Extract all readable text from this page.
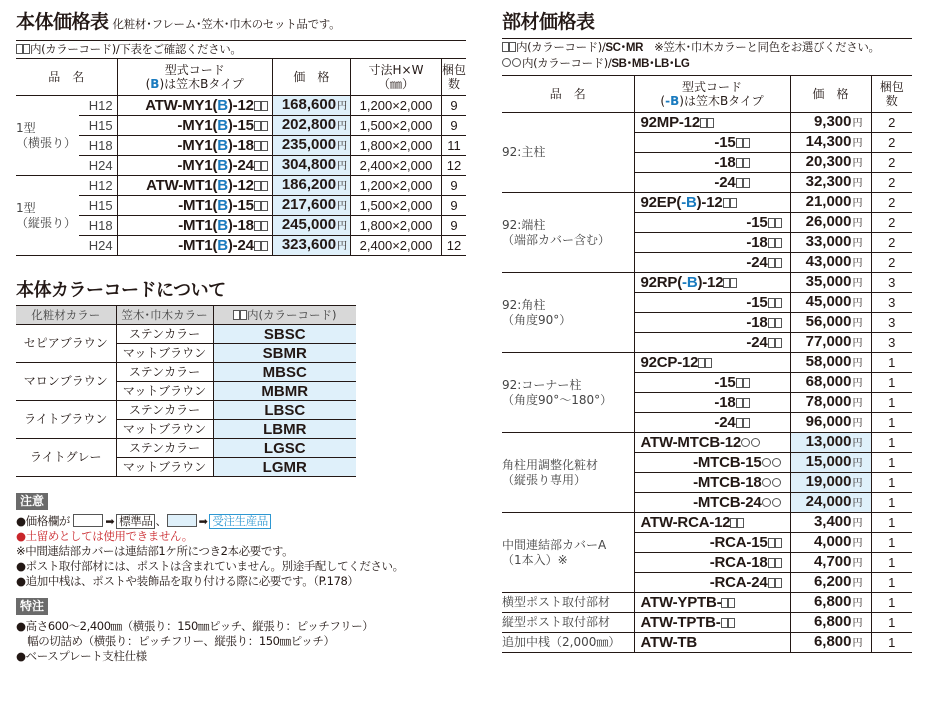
本体価格表 化粧材･フレーム･笠木･巾木のセット品です。
内(カラーコード)/下表をご確認ください。
品　名		型式コード
(B)は笠木Bタイプ	価　格	寸法H×W
（㎜）	梱包
数
1型
（横張り）	H12	ATW-MY1(B)-12	168,600円	1,200×2,000	9
	H15	-MY1(B)-15	202,800円	1,500×2,000	9
	H18	-MY1(B)-18	235,000円	1,800×2,000	11
	H24	-MY1(B)-24	304,800円	2,400×2,000	12
1型
（縦張り）	H12	ATW-MT1(B)-12	186,200円	1,200×2,000	9
	H15	-MT1(B)-15	217,600円	1,500×2,000	9
	H18	-MT1(B)-18	245,000円	1,800×2,000	9
	H24	-MT1(B)-24	323,600円	2,400×2,000	12
本体カラーコードについて
化粧材カラー	笠木･巾木カラー	内(カラーコード)
セピアブラウン	ステンカラー	SBSC
	マットブラウン	SBMR
マロンブラウン	ステンカラー	MBSC
	マットブラウン	MBMR
ライトブラウン	ステンカラー	LBSC
	マットブラウン	LBMR
ライトグレー	ステンカラー	LGSC
	マットブラウン	LGMR
注意
●価格欄が	➡ 標準品 、	➡ 受注生産品
●土留めとしては使用できません。
※中間連結部カバーは連結部1ケ所につき2本必要です。
●ポスト取付部材には、ポストは含まれていません。別途手配してください。
●追加中桟は、ポストや装飾品を取り付ける際に必要です。（P.178）
特注
●高さ600～2,400㎜（横張り：150㎜ピッチ、縦張り：ピッチフリー）
　幅の切詰め（横張り：ピッチフリー、縦張り：150㎜ピッチ）
●ベースプレート支柱仕様
部材価格表
内(カラーコード)/SC･MR　※笠木･巾木カラーと同色をお選びください。
内(カラーコード)/SB･MB･LB･LG
品　名	型式コード
(-B)は笠木Bタイプ	価　格	梱包
数
92:主柱	92MP-12	9,300円	2
	-15	14,300円	2
	-18	20,300円	2
	-24	32,300円	2
92:端柱
（端部カバー含む）	92EP(-B)-12	21,000円	2
	-15	26,000円	2
	-18	33,000円	2
	-24	43,000円	2
92:角柱
（角度90°）	92RP(-B)-12	35,000円	3
	-15	45,000円	3
	-18	56,000円	3
	-24	77,000円	3
92:コーナー柱
（角度90°～180°）	92CP-12	58,000円	1
	-15	68,000円	1
	-18	78,000円	1
	-24	96,000円	1
角柱用調整化粧材
（縦張り専用）	ATW-MTCB-12	13,000円	1
	-MTCB-15	15,000円	1
	-MTCB-18	19,000円	1
	-MTCB-24	24,000円	1
中間連結部カバーA
（1本入）※	ATW-RCA-12	3,400円	1
	-RCA-15	4,000円	1
	-RCA-18	4,700円	1
	-RCA-24	6,200円	1
横型ポスト取付部材	ATW-YPTB-	6,800円	1
縦型ポスト取付部材	ATW-TPTB-	6,800円	1
追加中桟（2,000㎜）	ATW-TB	6,800円	1
